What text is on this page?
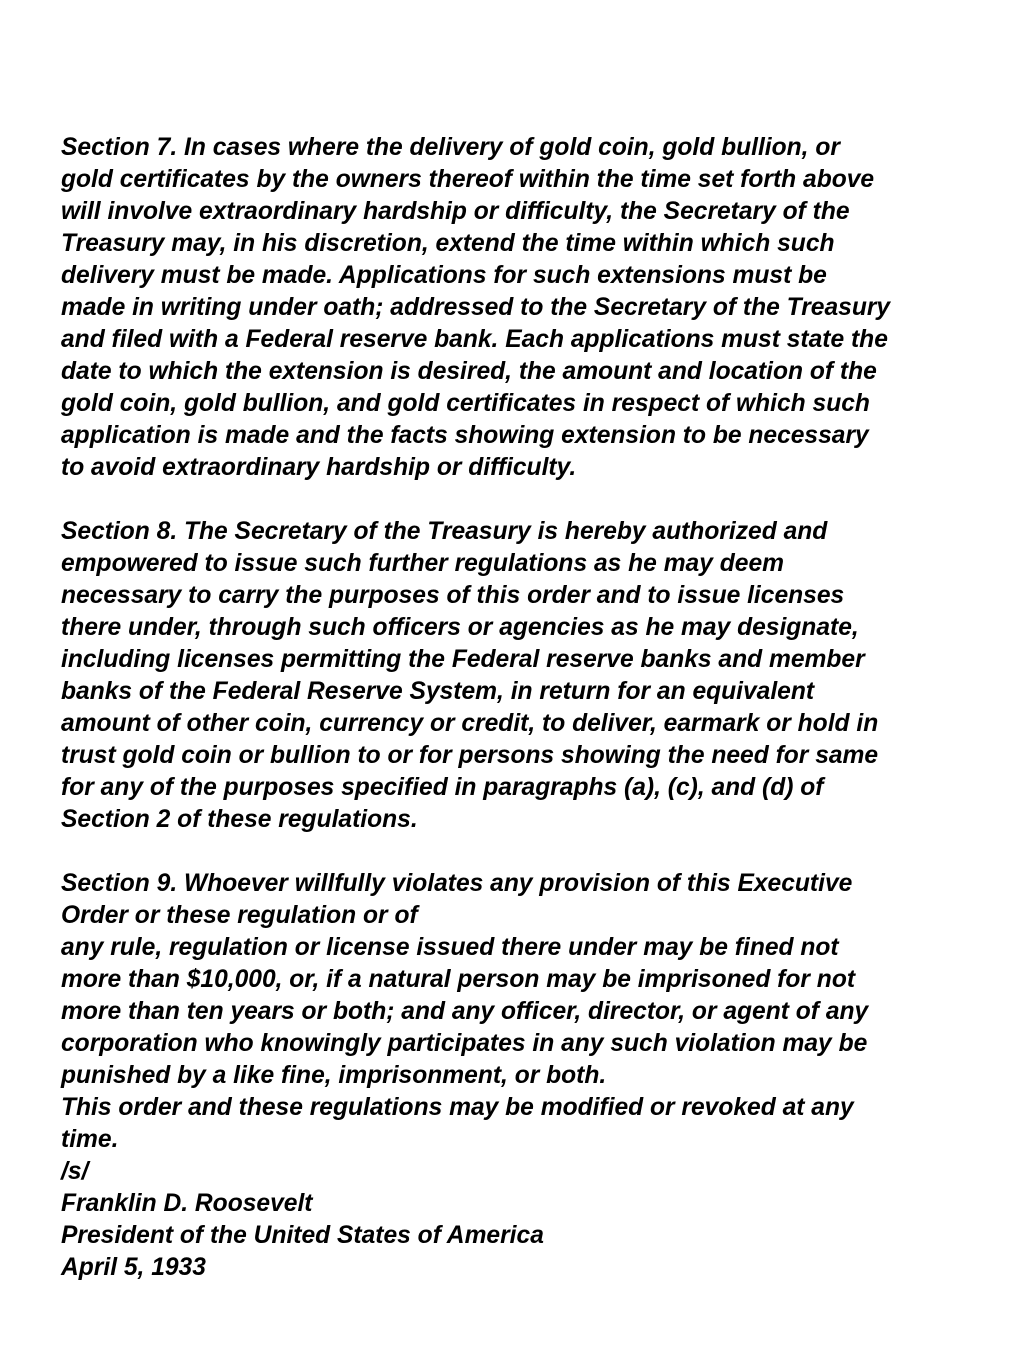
Section 7. In cases where the delivery of gold coin, gold bullion, or
gold certificates by the owners thereof within the time set forth above
will involve extraordinary hardship or difficulty, the Secretary of the
Treasury may, in his discretion, extend the time within which such
delivery must be made. Applications for such extensions must be
made in writing under oath; addressed to the Secretary of the Treasury
and filed with a Federal reserve bank. Each applications must state the
date to which the extension is desired, the amount and location of the
gold coin, gold bullion, and gold certificates in respect of which such
application is made and the facts showing extension to be necessary
to avoid extraordinary hardship or difficulty.
Section 8. The Secretary of the Treasury is hereby authorized and
empowered to issue such further regulations as he may deem
necessary to carry the purposes of this order and to issue licenses
there under, through such officers or agencies as he may designate,
including licenses permitting the Federal reserve banks and member
banks of the Federal Reserve System, in return for an equivalent
amount of other coin, currency or credit, to deliver, earmark or hold in
trust gold coin or bullion to or for persons showing the need for same
for any of the purposes specified in paragraphs (a), (c), and (d) of
Section 2 of these regulations.
Section 9. Whoever willfully violates any provision of this Executive
Order or these regulation or of
any rule, regulation or license issued there under may be fined not
more than $10,000, or, if a natural person may be imprisoned for not
more than ten years or both; and any officer, director, or agent of any
corporation who knowingly participates in any such violation may be
punished by a like fine, imprisonment, or both.
This order and these regulations may be modified or revoked at any
time.
/s/
Franklin D. Roosevelt
President of the United States of America
April 5, 1933
